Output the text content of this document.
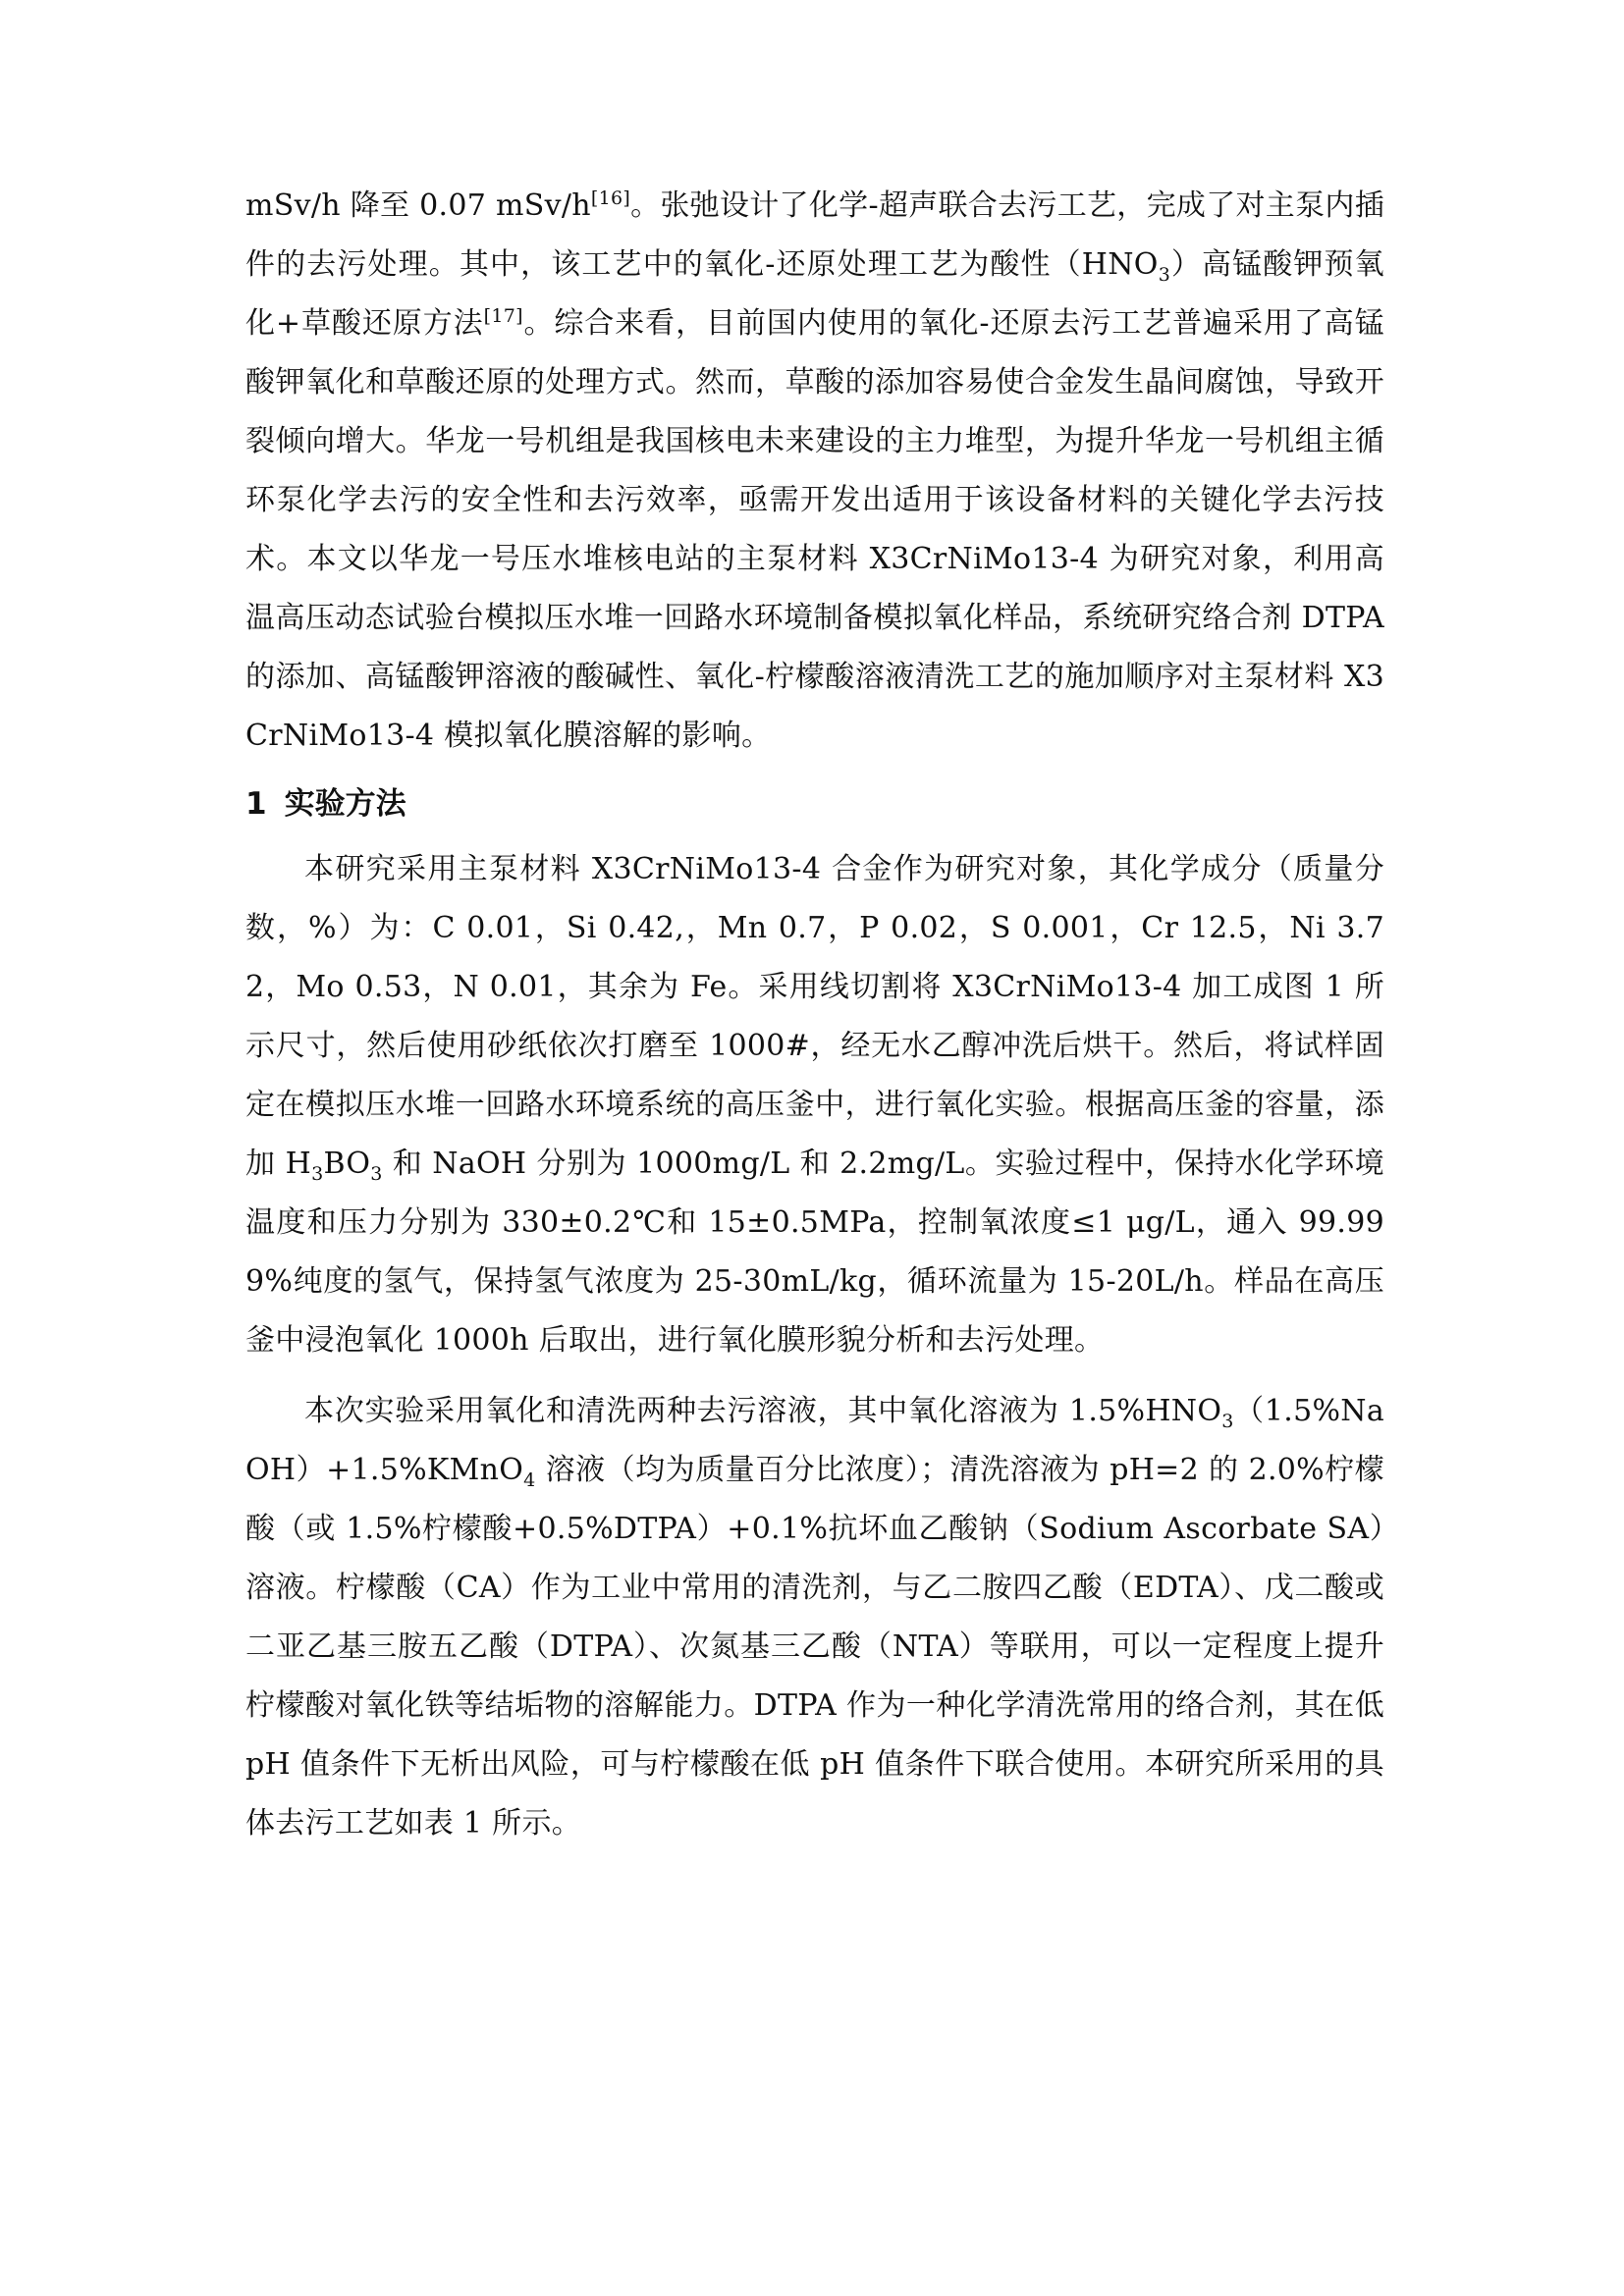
mSv/h 降至 0.07 mSv/h[16]。张弛设计了化学-超声联合去污工艺，完成了对主泵内插件的去污处理。其中，该工艺中的氧化-还原处理工艺为酸性$(HNO_3)$高锰酸钾预氧化+草酸还原方法[17]。综合来看，目前国内使用的氧化-还原去污工艺普遍采用了高锰酸钾氧化和草酸还原的处理方式。然而，草酸的添加容易使合金发生晶间腐蚀，导致开裂倾向增大。华龙一号机组是我国核电未来建设的主力堆型，为提升华龙一号机组主循环泵化学去污的安全性和去污效率，亟需开发出适用于该设备材料的关键化学去污技术。本文以华龙一号压水堆核电站的主泵材料 X3CrNiMo13-4 为研究对象，利用高温高压动态试验台模拟压水堆一回路水环境制备模拟氧化样品，系统研究络合剂 DTPA 的添加、高锰酸钾溶液的酸碱性、氧化-柠檬酸溶液清洗工艺的施加顺序对主泵材料 X3CrNiMo13-4 模拟氧化膜溶解的影响。

1 实验方法

本研究采用主泵材料 X3CrNiMo13-4 合金作为研究对象，其化学成分（质量分数，%）为：C 0.01，Si 0.42,，Mn 0.7，P 0.02，S 0.001，Cr 12.5，Ni 3.72，Mo 0.53，N 0.01，其余为 Fe。采用线切割将 X3CrNiMo13-4 加工成图 1 所示尺寸，然后使用砂纸依次打磨至 1000#，经无水乙醇冲洗后烘干。然后，将试样固定在模拟压水堆一回路水环境系统的高压釜中，进行氧化实验。根据高压釜的容量，添加 $H_3BO_3$ 和 NaOH 分别为 1000mg/L 和 2.2mg/L。实验过程中，保持水化学环境温度和压力分别为 330±0.2℃和 15±0.5MPa，控制氧浓度≤1 μg/L，通入 99.999%纯度的氢气，保持氢气浓度为 25-30mL/kg，循环流量为 15-20L/h。样品在高压釜中浸泡氧化 1000h 后取出，进行氧化膜形貌分析和去污处理。

本次实验采用氧化和清洗两种去污溶液，其中氧化溶液为 $1.5\%HNO_3(1.5\%NaOH)+1.5\%KMnO_4$ 溶液（均为质量百分比浓度）；清洗溶液为 pH=2 的 2.0%柠檬酸（或 1.5%柠檬酸+0.5%DTPA）+0.1%抗坏血乙酸钠（Sodium Ascorbate SA）溶液。柠檬酸（CA）作为工业中常用的清洗剂，与乙二胺四乙酸（EDTA）、戊二酸或二亚乙基三胺五乙酸（DTPA）、次氮基三乙酸（NTA）等联用，可以一定程度上提升柠檬酸对氧化铁等结垢物的溶解能力。DTPA 作为一种化学清洗常用的络合剂，其在低 pH 值条件下无析出风险，可与柠檬酸在低 pH 值条件下联合使用。本研究所采用的具体去污工艺如表 1 所示。
